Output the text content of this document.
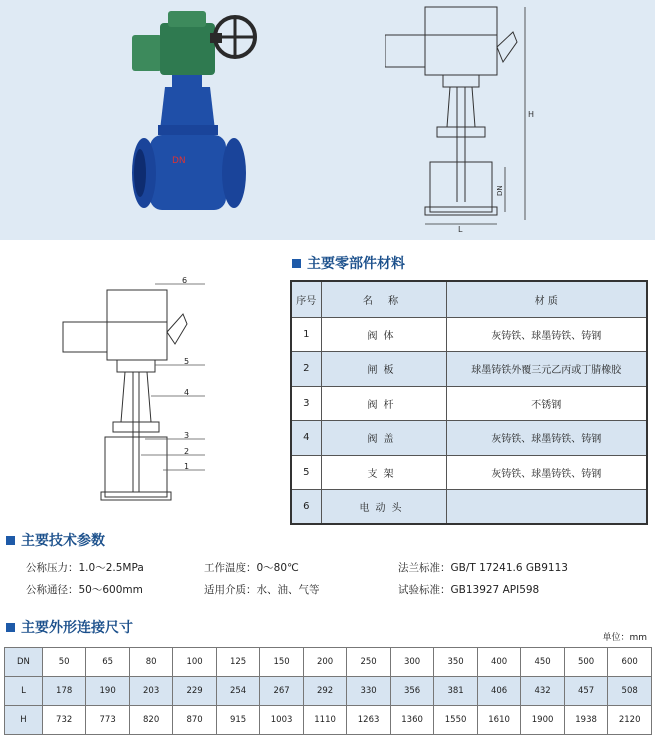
DN
H
DN
L
6
5
4
3
2
1
主要零部件材料
序号	名 称	材 质
1	阀体	灰铸铁、球墨铸铁、铸钢
2	闸板	球墨铸铁外覆三元乙丙或丁腈橡胶
3	阀杆	不锈钢
4	阀盖	灰铸铁、球墨铸铁、铸钢
5	支架	灰铸铁、球墨铸铁、铸钢
6	电动头	
主要技术参数
公称压力：1.0～2.5MPa	工作温度：0～80℃	法兰标准：GB/T 17241.6 GB9113
公称通径：50～600mm	适用介质：水、油、气等	试验标准：GB13927 API598
主要外形连接尺寸
单位：mm
DN	50	65	80	100	125	150	200	250	300	350	400	450	500	600
L	178	190	203	229	254	267	292	330	356	381	406	432	457	508
H	732	773	820	870	915	1003	1110	1263	1360	1550	1610	1900	1938	2120
